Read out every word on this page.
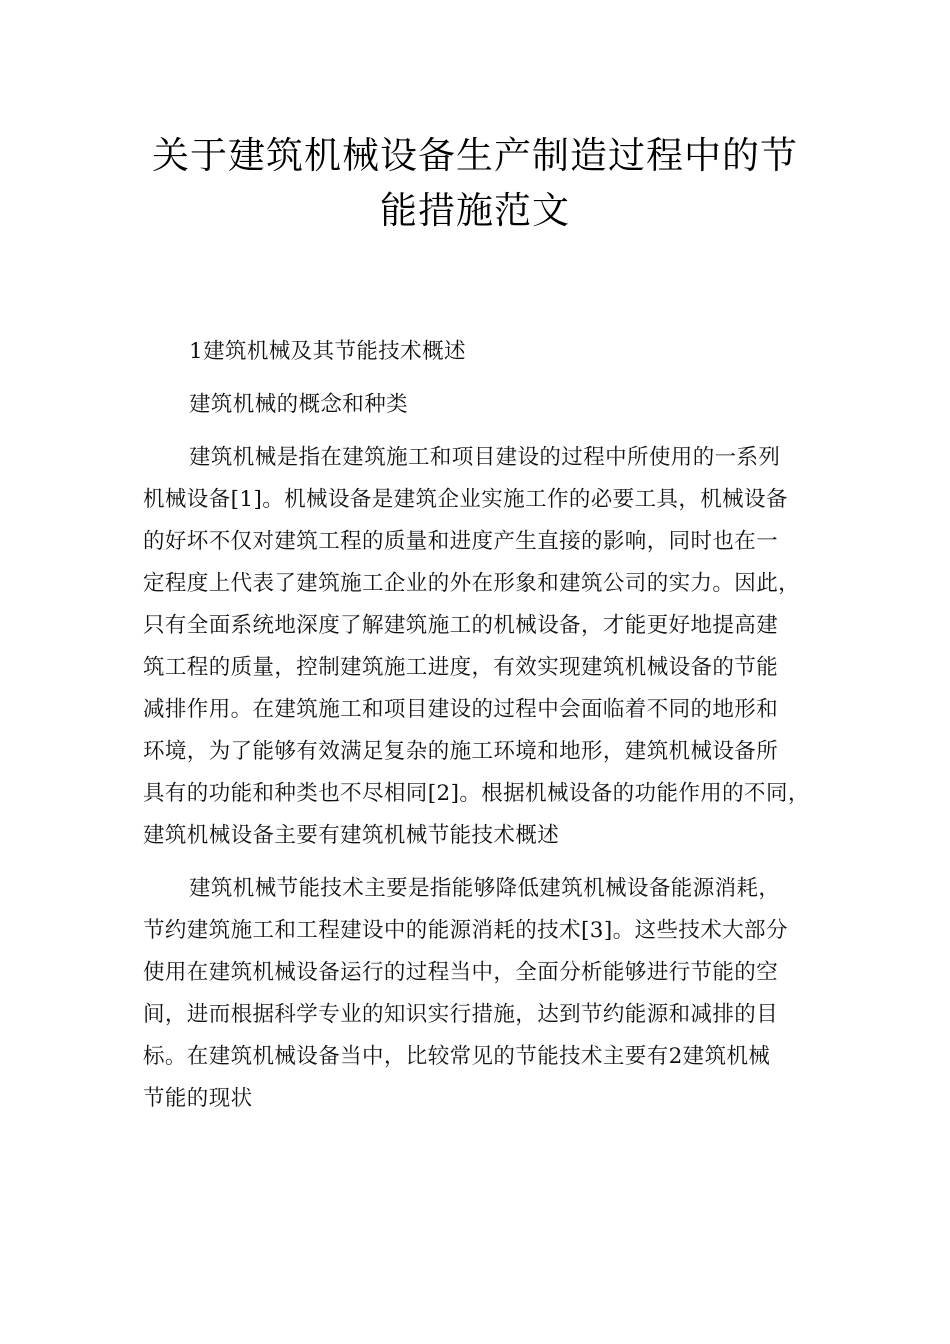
关于建筑机械设备生产制造过程中的节
能措施范文
1建筑机械及其节能技术概述
建筑机械的概念和种类
建筑机械是指在建筑施工和项目建设的过程中所使用的一系列
机械设备[1]。机械设备是建筑企业实施工作的必要工具，机械设备
的好坏不仅对建筑工程的质量和进度产生直接的影响，同时也在一
定程度上代表了建筑施工企业的外在形象和建筑公司的实力。因此，
只有全面系统地深度了解建筑施工的机械设备，才能更好地提高建
筑工程的质量，控制建筑施工进度，有效实现建筑机械设备的节能
减排作用。在建筑施工和项目建设的过程中会面临着不同的地形和
环境，为了能够有效满足复杂的施工环境和地形，建筑机械设备所
具有的功能和种类也不尽相同[2]。根据机械设备的功能作用的不同，
建筑机械设备主要有建筑机械节能技术概述
建筑机械节能技术主要是指能够降低建筑机械设备能源消耗，
节约建筑施工和工程建设中的能源消耗的技术[3]。这些技术大部分
使用在建筑机械设备运行的过程当中，全面分析能够进行节能的空
间，进而根据科学专业的知识实行措施，达到节约能源和减排的目
标。在建筑机械设备当中，比较常见的节能技术主要有2建筑机械
节能的现状
